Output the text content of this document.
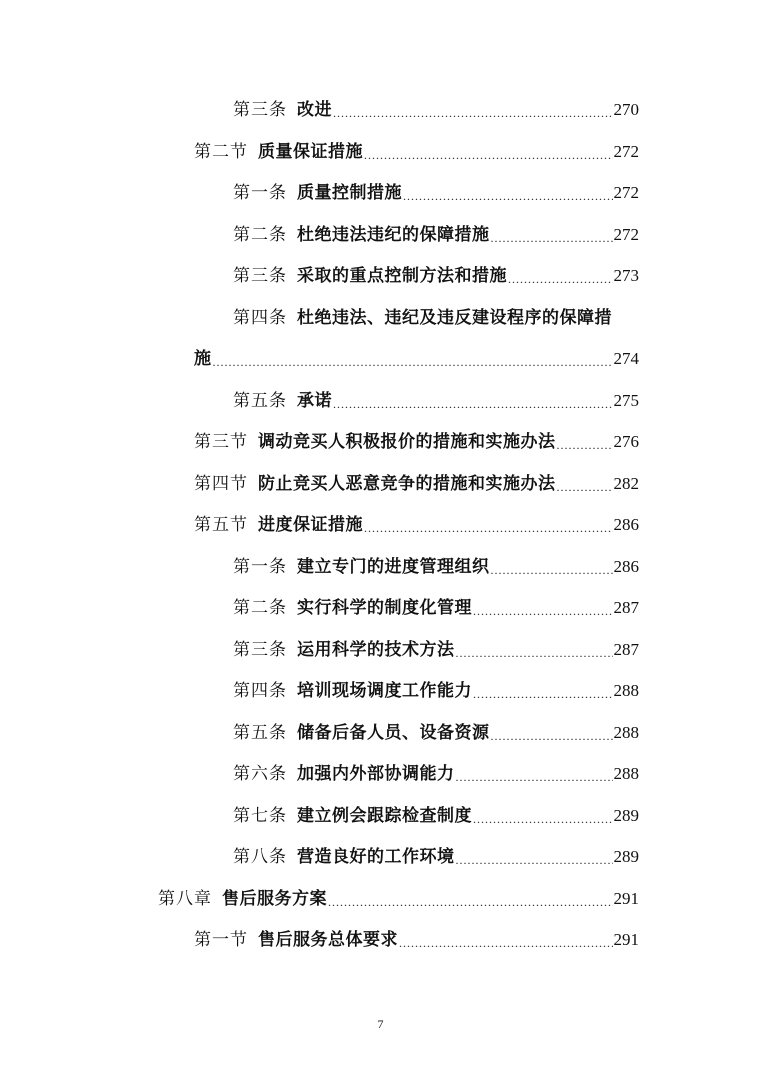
第三条 改进 .....	270
第二节 质量保证措施 .....	272
第一条 质量控制措施 .....	272
第二条 杜绝违法违纪的保障措施 .....	272
第三条 采取的重点控制方法和措施 .....	273
第四条 杜绝违法、违纪及违反建设程序的保障措
施 .....	274
第五条 承诺 .....	275
第三节 调动竞买人积极报价的措施和实施办法 .....	276
第四节 防止竞买人恶意竞争的措施和实施办法 .....	282
第五节 进度保证措施 .....	286
第一条 建立专门的进度管理组织 .....	286
第二条 实行科学的制度化管理 .....	287
第三条 运用科学的技术方法 .....	287
第四条 培训现场调度工作能力 .....	288
第五条 储备后备人员、设备资源 .....	288
第六条 加强内外部协调能力 .....	288
第七条 建立例会跟踪检查制度 .....	289
第八条 营造良好的工作环境 .....	289
第八章 售后服务方案 .....	291
第一节 售后服务总体要求 .....	291
7
